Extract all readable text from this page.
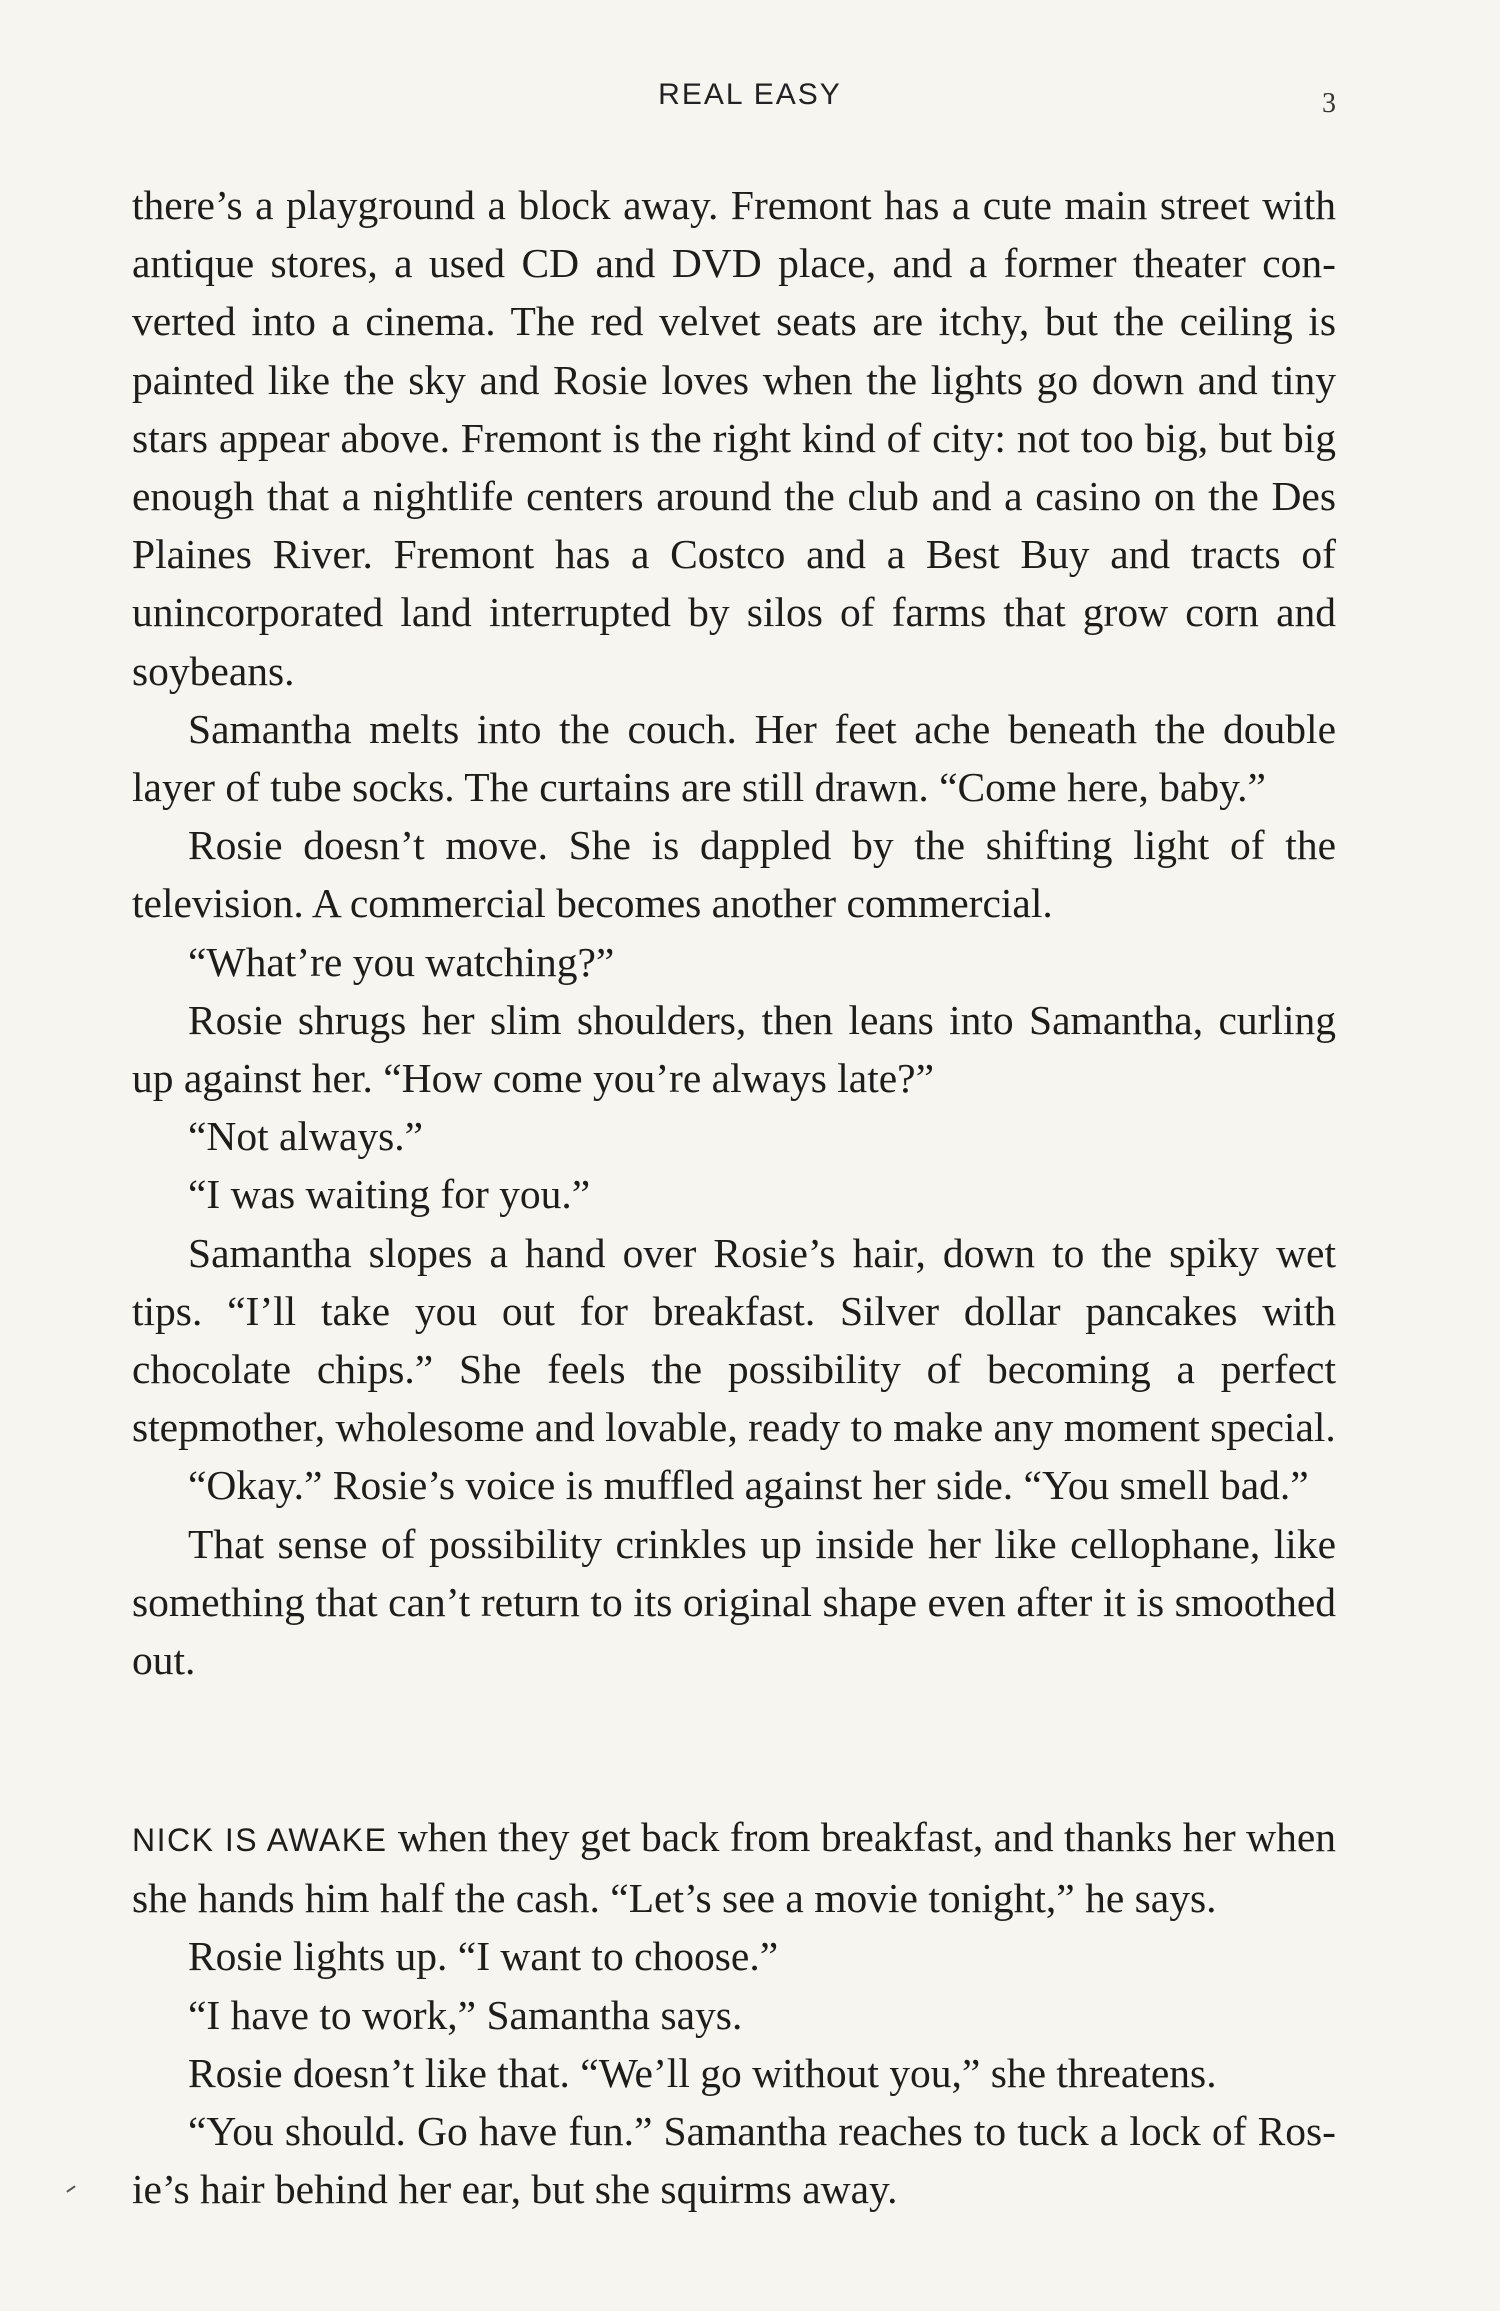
REAL EASY	3

there’s a playground a block away. Fremont has a cute main street with antique stores, a used CD and DVD place, and a former theater converted into a cinema. The red velvet seats are itchy, but the ceiling is painted like the sky and Rosie loves when the lights go down and tiny stars appear above. Fremont is the right kind of city: not too big, but big enough that a nightlife centers around the club and a casino on the Des Plaines River. Fremont has a Costco and a Best Buy and tracts of unincorporated land interrupted by silos of farms that grow corn and soybeans.

Samantha melts into the couch. Her feet ache beneath the double layer of tube socks. The curtains are still drawn. “Come here, baby.”

Rosie doesn’t move. She is dappled by the shifting light of the television. A commercial becomes another commercial.

“What’re you watching?”

Rosie shrugs her slim shoulders, then leans into Samantha, curling up against her. “How come you’re always late?”

“Not always.”

“I was waiting for you.”

Samantha slopes a hand over Rosie’s hair, down to the spiky wet tips. “I’ll take you out for breakfast. Silver dollar pancakes with chocolate chips.” She feels the possibility of becoming a perfect stepmother, wholesome and lovable, ready to make any moment special.

“Okay.” Rosie’s voice is muffled against her side. “You smell bad.”

That sense of possibility crinkles up inside her like cellophane, like something that can’t return to its original shape even after it is smoothed out.

NICK IS AWAKE when they get back from breakfast, and thanks her when she hands him half the cash. “Let’s see a movie tonight,” he says.

Rosie lights up. “I want to choose.”

“I have to work,” Samantha says.

Rosie doesn’t like that. “We’ll go without you,” she threatens.

“You should. Go have fun.” Samantha reaches to tuck a lock of Rosie’s hair behind her ear, but she squirms away.
